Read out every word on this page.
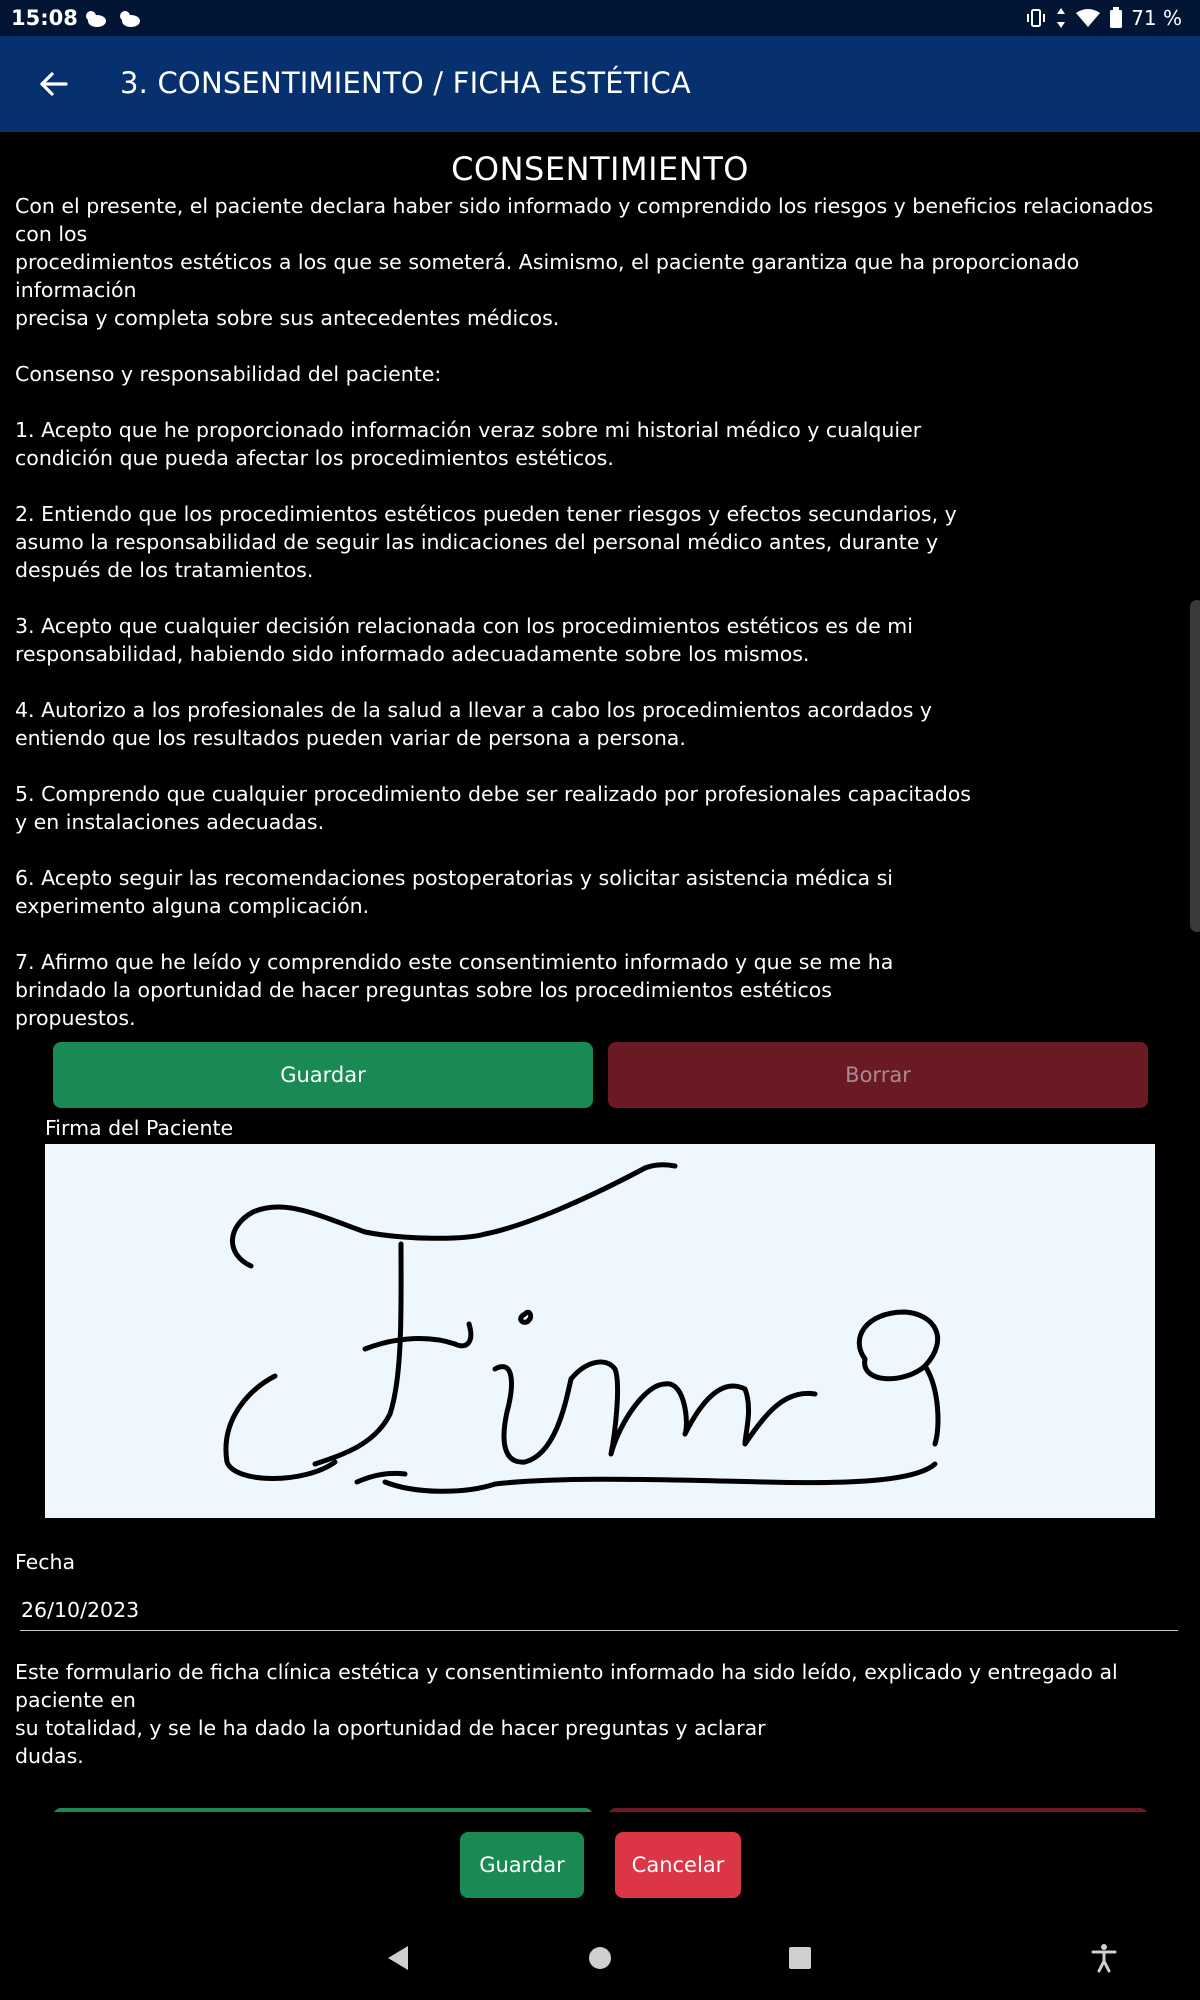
15:08	71 %
3. CONSENTIMIENTO / FICHA ESTÉTICA
CONSENTIMIENTO
Con el presente, el paciente declara haber sido informado y comprendido los riesgos y beneficios relacionados con los
procedimientos estéticos a los que se someterá. Asimismo, el paciente garantiza que ha proporcionado información
precisa y completa sobre sus antecedentes médicos.

Consenso y responsabilidad del paciente:

1. Acepto que he proporcionado información veraz sobre mi historial médico y cualquier
condición que pueda afectar los procedimientos estéticos.

2. Entiendo que los procedimientos estéticos pueden tener riesgos y efectos secundarios, y
asumo la responsabilidad de seguir las indicaciones del personal médico antes, durante y
después de los tratamientos.

3. Acepto que cualquier decisión relacionada con los procedimientos estéticos es de mi
responsabilidad, habiendo sido informado adecuadamente sobre los mismos.

4. Autorizo a los profesionales de la salud a llevar a cabo los procedimientos acordados y
entiendo que los resultados pueden variar de persona a persona.

5. Comprendo que cualquier procedimiento debe ser realizado por profesionales capacitados
y en instalaciones adecuadas.

6. Acepto seguir las recomendaciones postoperatorias y solicitar asistencia médica si
experimento alguna complicación.

7. Afirmo que he leído y comprendido este consentimiento informado y que se me ha
brindado la oportunidad de hacer preguntas sobre los procedimientos estéticos
propuestos.
Guardar	Borrar
Firma del Paciente
Fecha
26/10/2023
Este formulario de ficha clínica estética y consentimiento informado ha sido leído, explicado y entregado al paciente en
su totalidad, y se le ha dado la oportunidad de hacer preguntas y aclarar
dudas.
Guardar	Cancelar
